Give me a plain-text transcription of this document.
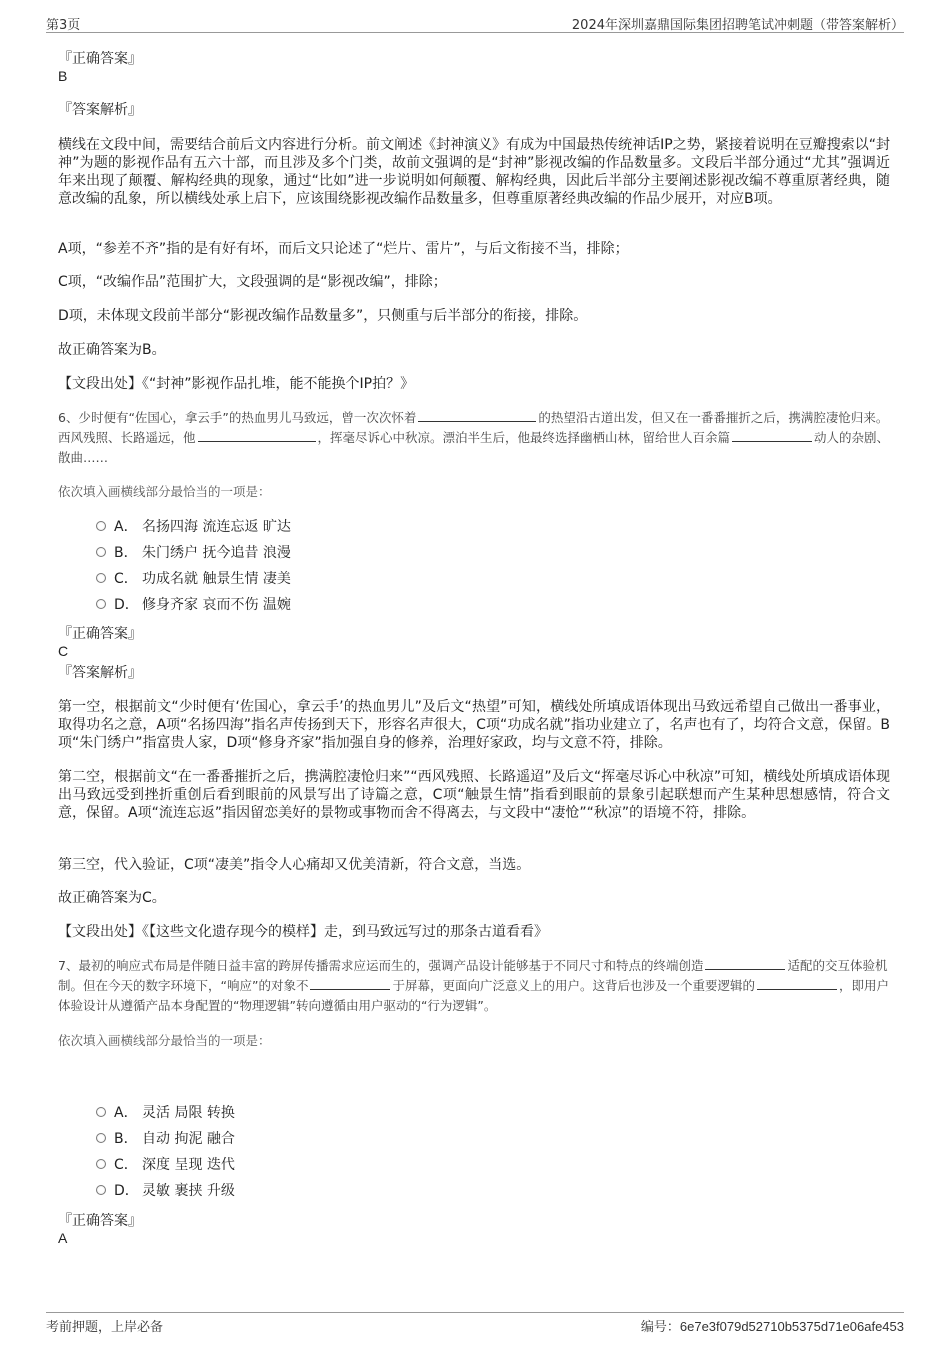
第3页	2024年深圳嘉鼎国际集团招聘笔试冲刺题（带答案解析）
『正确答案』
B
『答案解析』
横线在文段中间，需要结合前后文内容进行分析。前文阐述《封神演义》有成为中国最热传统神话IP之势，紧接着说明在豆瓣搜索以“封神”为题的影视作品有五六十部，而且涉及多个门类，故前文强调的是“封神”影视改编的作品数量多。文段后半部分通过“尤其”强调近年来出现了颠覆、解构经典的现象，通过“比如”进一步说明如何颠覆、解构经典，因此后半部分主要阐述影视改编不尊重原著经典，随意改编的乱象，所以横线处承上启下，应该围绕影视改编作品数量多，但尊重原著经典改编的作品少展开，对应B项。
A项，“参差不齐”指的是有好有坏，而后文只论述了“烂片、雷片”，与后文衔接不当，排除；
C项，“改编作品”范围扩大，文段强调的是“影视改编”，排除；
D项，未体现文段前半部分“影视改编作品数量多”，只侧重与后半部分的衔接，排除。
故正确答案为B。
【文段出处】《“封神”影视作品扎堆，能不能换个IP拍？》
6、少时便有“佐国心，拿云手”的热血男儿马致远，曾一次次怀着	的热望沿古道出发，但又在一番番摧折之后，携满腔凄怆归来。西风残照、长路遥远，他	，挥毫尽诉心中秋凉。漂泊半生后，他最终选择幽栖山林，留给世人百余篇	动人的杂剧、散曲……
依次填入画横线部分最恰当的一项是：
A． 名扬四海 流连忘返 旷达
B． 朱门绣户 抚今追昔 浪漫
C． 功成名就 触景生情 凄美
D． 修身齐家 哀而不伤 温婉
『正确答案』
C
『答案解析』
第一空，根据前文“少时便有‘佐国心，拿云手’的热血男儿”及后文“热望”可知，横线处所填成语体现出马致远希望自己做出一番事业，取得功名之意，A项“名扬四海”指名声传扬到天下，形容名声很大，C项“功成名就”指功业建立了，名声也有了，均符合文意，保留。B项“朱门绣户”指富贵人家，D项“修身齐家”指加强自身的修养，治理好家政，均与文意不符，排除。
第二空，根据前文“在一番番摧折之后，携满腔凄怆归来”“西风残照、长路遥迢”及后文“挥毫尽诉心中秋凉”可知，横线处所填成语体现出马致远受到挫折重创后看到眼前的风景写出了诗篇之意，C项“触景生情”指看到眼前的景象引起联想而产生某种思想感情，符合文意，保留。A项“流连忘返”指因留恋美好的景物或事物而舍不得离去，与文段中“凄怆”“秋凉”的语境不符，排除。
第三空，代入验证，C项“凄美”指令人心痛却又优美清新，符合文意，当选。
故正确答案为C。
【文段出处】《【这些文化遗存现今的模样】走，到马致远写过的那条古道看看》
7、最初的响应式布局是伴随日益丰富的跨屏传播需求应运而生的，强调产品设计能够基于不同尺寸和特点的终端创造	适配的交互体验机制。但在今天的数字环境下，“响应”的对象不	于屏幕，更面向广泛意义上的用户。这背后也涉及一个重要逻辑的	，即用户体验设计从遵循产品本身配置的“物理逻辑”转向遵循由用户驱动的“行为逻辑”。
依次填入画横线部分最恰当的一项是：
A． 灵活 局限 转换
B． 自动 拘泥 融合
C． 深度 呈现 迭代
D． 灵敏 裹挟 升级
『正确答案』
A
考前押题，上岸必备	编号：6e7e3f079d52710b5375d71e06afe453
